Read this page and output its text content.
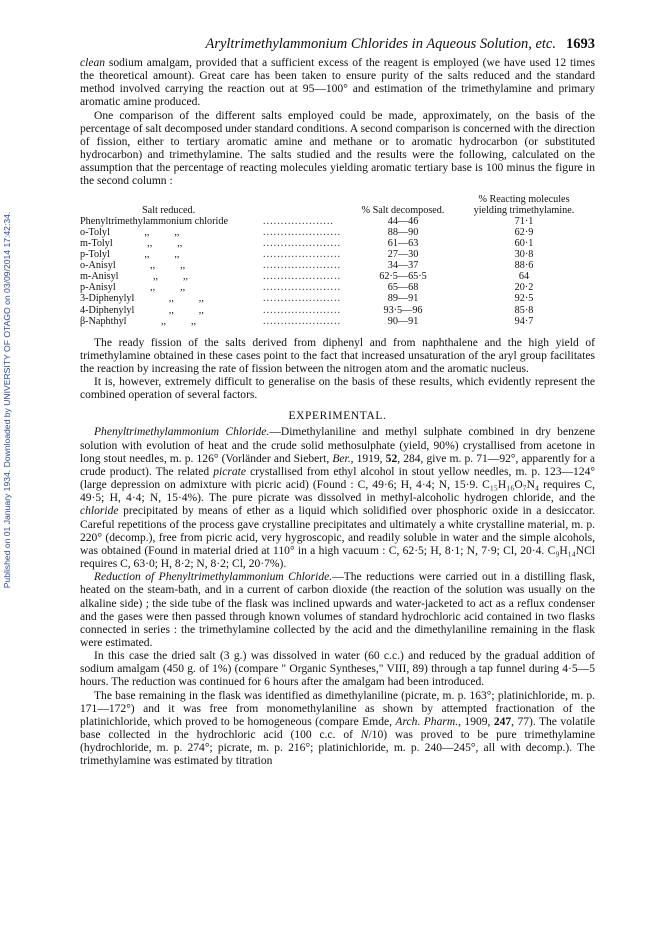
Published on 01 January 1934. Downloaded by UNIVERSITY OF OTAGO on 03/09/2014 17:42:34.
Aryltrimethylammonium Chlorides in Aqueous Solution, etc. 1693

clean sodium amalgam, provided that a sufficient excess of the reagent is employed (we have used 12 times the theoretical amount). Great care has been taken to ensure purity of the salts reduced and the standard method involved carrying the reaction out at 95—100° and estimation of the trimethylamine and primary aromatic amine produced.

One comparison of the different salts employed could be made, approximately, on the basis of the percentage of salt decomposed under standard conditions. A second comparison is concerned with the direction of fission, either to tertiary aromatic amine and methane or to aromatic hydrocarbon (or substituted hydrocarbon) and trimethylamine. The salts studied and the results were the following, calculated on the assumption that the percentage of reacting molecules yielding aromatic tertiary base is 100 minus the figure in the second column :

% Reacting molecules
Salt reduced.	% Salt decomposed.	yielding trimethylamine.
Phenyltrimethylammonium chloride	....................	44—46	71·1
o-Tolyl	,, ,,	......................	88—90	62·9
m-Tolyl	,, ,,	......................	61—63	60·1
p-Tolyl	,, ,,	......................	27—30	30·8
o-Anisyl	,, ,,	......................	34—37	88·6
m-Anisyl	,, ,,	......................	62·5—65·5	64
p-Anisyl	,, ,,	......................	65—68	20·2
3-Diphenylyl	,, ,,	......................	89—91	92·5
4-Diphenylyl	,, ,,	......................	93·5—96	85·8
β-Naphthyl	,, ,,	......................	90—91	94·7

The ready fission of the salts derived from diphenyl and from naphthalene and the high yield of trimethylamine obtained in these cases point to the fact that increased unsaturation of the aryl group facilitates the reaction by increasing the rate of fission between the nitrogen atom and the aromatic nucleus.

It is, however, extremely difficult to generalise on the basis of these results, which evidently represent the combined operation of several factors.

EXPERIMENTAL.

Phenyltrimethylammonium Chloride.—Dimethylaniline and methyl sulphate combined in dry benzene solution with evolution of heat and the crude solid methosulphate (yield, 90%) crystallised from acetone in long stout needles, m. p. 126° (Vorländer and Siebert, Ber., 1919, 52, 284, give m. p. 71—92°, apparently for a crude product). The related picrate crystallised from ethyl alcohol in stout yellow needles, m. p. 123—124° (large depression on admixture with picric acid) (Found : C, 49·6; H, 4·4; N, 15·9. C₁₅H₁₆O₇N₄ requires C, 49·5; H, 4·4; N, 15·4%). The pure picrate was dissolved in methyl-alcoholic hydrogen chloride, and the chloride precipitated by means of ether as a liquid which solidified over phosphoric oxide in a desiccator. Careful repetitions of the process gave crystalline precipitates and ultimately a white crystalline material, m. p. 220° (decomp.), free from picric acid, very hygroscopic, and readily soluble in water and the simple alcohols, was obtained (Found in material dried at 110° in a high vacuum : C, 62·5; H, 8·1; N, 7·9; Cl, 20·4. C₉H₁₄NCl requires C, 63·0; H, 8·2; N, 8·2; Cl, 20·7%).

Reduction of Phenyltrimethylammonium Chloride.—The reductions were carried out in a distilling flask, heated on the steam-bath, and in a current of carbon dioxide (the reaction of the solution was usually on the alkaline side) ; the side tube of the flask was inclined upwards and water-jacketed to act as a reflux condenser and the gases were then passed through known volumes of standard hydrochloric acid contained in two flasks connected in series : the trimethylamine collected by the acid and the dimethylaniline remaining in the flask were estimated.

In this case the dried salt (3 g.) was dissolved in water (60 c.c.) and reduced by the gradual addition of sodium amalgam (450 g. of 1%) (compare " Organic Syntheses," VIII, 89) through a tap funnel during 4·5—5 hours. The reduction was continued for 6 hours after the amalgam had been introduced.

The base remaining in the flask was identified as dimethylaniline (picrate, m. p. 163°; platinichloride, m. p. 171—172°) and it was free from monomethylaniline as shown by attempted fractionation of the platinichloride, which proved to be homogeneous (compare Emde, Arch. Pharm., 1909, 247, 77). The volatile base collected in the hydrochloric acid (100 c.c. of N/10) was proved to be pure trimethylamine (hydrochloride, m. p. 274°; picrate, m. p. 216°; platinichloride, m. p. 240—245°, all with decomp.). The trimethylamine was estimated by titration
